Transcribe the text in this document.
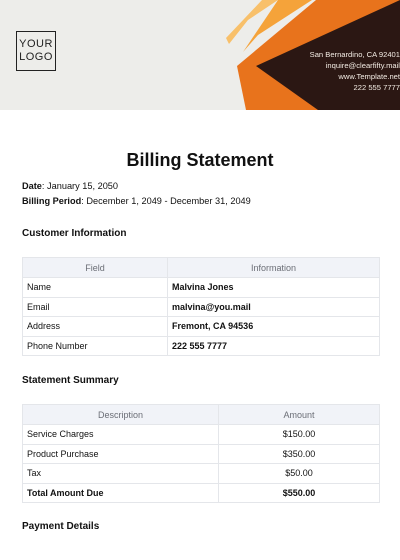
YOUR
LOGO	San Bernardino, CA 92401
inquire@clearfifty.mail
www.Template.net
222 555 7777
Billing Statement
Date: January 15, 2050
Billing Period: December 1, 2049 - December 31, 2049
Customer Information
Field	Information
Name	Malvina Jones
Email	malvina@you.mail
Address	Fremont, CA 94536
Phone Number	222 555 7777
Statement Summary
Description	Amount
Service Charges	$150.00
Product Purchase	$350.00
Tax	$50.00
Total Amount Due	$550.00
Payment Details
